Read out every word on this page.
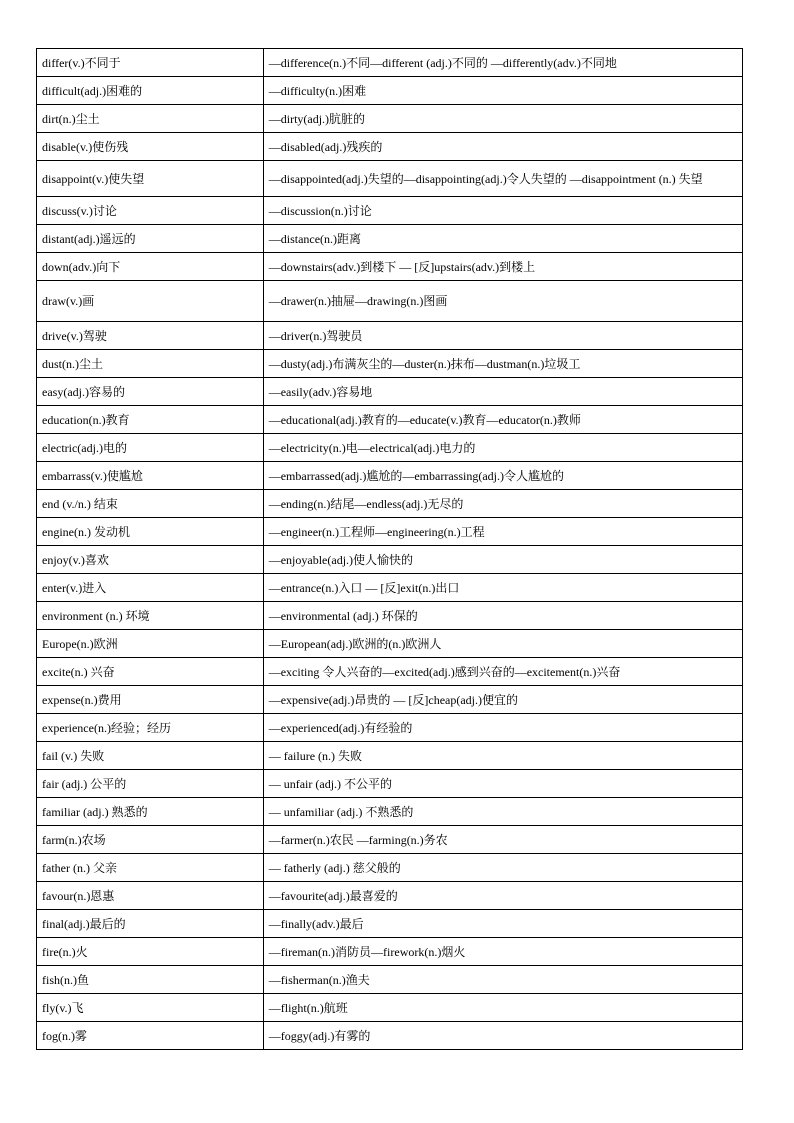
differ(v.)不同于	—difference(n.)不同—different (adj.)不同的 —differently(adv.)不同地
difficult(adj.)困难的	—difficulty(n.)困难
dirt(n.)尘土	—dirty(adj.)肮脏的
disable(v.)使伤残	—disabled(adj.)残疾的
disappoint(v.)使失望	—disappointed(adj.)失望的—disappointing(adj.)令人失望的 —disappointment (n.) 失望
discuss(v.)讨论	—discussion(n.)讨论
distant(adj.)遥远的	—distance(n.)距离
down(adv.)向下	—downstairs(adv.)到楼下 — [反]upstairs(adv.)到楼上
draw(v.)画	—drawer(n.)抽屉—drawing(n.)图画
drive(v.)驾驶	—driver(n.)驾驶员
dust(n.)尘土	—dusty(adj.)布满灰尘的—duster(n.)抹布—dustman(n.)垃圾工
easy(adj.)容易的	—easily(adv.)容易地
education(n.)教育	—educational(adj.)教育的—educate(v.)教育—educator(n.)教师
electric(adj.)电的	—electricity(n.)电—electrical(adj.)电力的
embarrass(v.)使尴尬	—embarrassed(adj.)尴尬的—embarrassing(adj.)令人尴尬的
end (v./n.) 结束	—ending(n.)结尾—endless(adj.)无尽的
engine(n.) 发动机	—engineer(n.)工程师—engineering(n.)工程
enjoy(v.)喜欢	—enjoyable(adj.)使人愉快的
enter(v.)进入	—entrance(n.)入口 — [反]exit(n.)出口
environment (n.) 环境	—environmental (adj.) 环保的
Europe(n.)欧洲	—European(adj.)欧洲的(n.)欧洲人
excite(n.) 兴奋	—exciting 令人兴奋的—excited(adj.)感到兴奋的—excitement(n.)兴奋
expense(n.)费用	—expensive(adj.)昂贵的 — [反]cheap(adj.)便宜的
experience(n.)经验；经历	—experienced(adj.)有经验的
fail (v.) 失败	— failure (n.) 失败
fair (adj.) 公平的	— unfair (adj.) 不公平的
familiar (adj.) 熟悉的	— unfamiliar (adj.) 不熟悉的
farm(n.)农场	—farmer(n.)农民 —farming(n.)务农
father (n.) 父亲	— fatherly (adj.) 慈父般的
favour(n.)恩惠	—favourite(adj.)最喜爱的
final(adj.)最后的	—finally(adv.)最后
fire(n.)火	—fireman(n.)消防员—firework(n.)烟火
fish(n.)鱼	—fisherman(n.)渔夫
fly(v.)飞	—flight(n.)航班
fog(n.)雾	—foggy(adj.)有雾的
